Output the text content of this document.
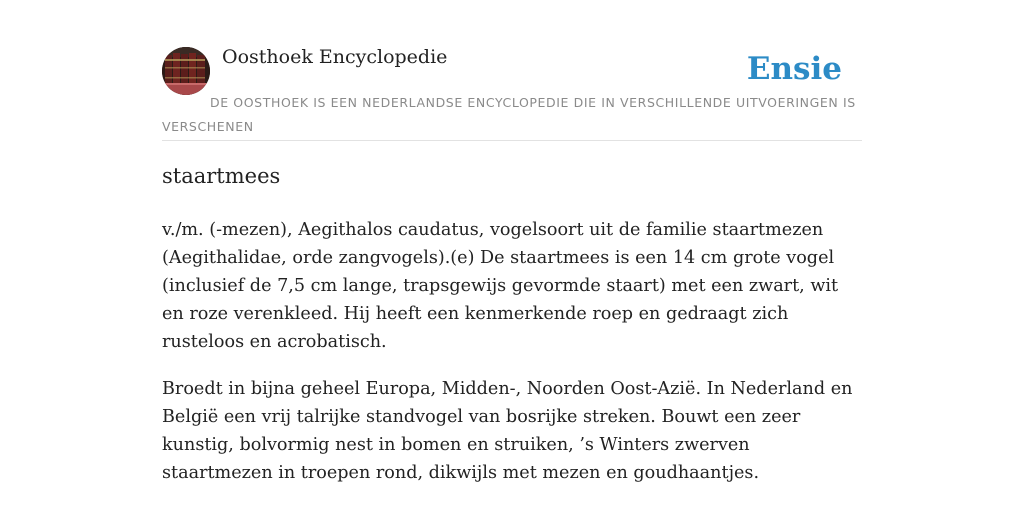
Oosthoek Encyclopedie	Ensie
DE OOSTHOEK IS EEN NEDERLANDSE ENCYCLOPEDIE DIE IN VERSCHILLENDE UITVOERINGEN IS VERSCHENEN
staartmees

v./m. (-mezen), Aegithalos caudatus, vogelsoort uit de familie staartmezen (Aegithalidae, orde zangvogels).(e) De staartmees is een 14 cm grote vogel (inclusief de 7,5 cm lange, trapsgewijs gevormde staart) met een zwart, wit en roze verenkleed. Hij heeft een kenmerkende roep en gedraagt zich rusteloos en acrobatisch.

Broedt in bijna geheel Europa, Midden-, Noorden Oost-Azië. In Nederland en België een vrij talrijke standvogel van bosrijke streken. Bouwt een zeer kunstig, bolvormig nest in bomen en struiken, ’s Winters zwerven staartmezen in troepen rond, dikwijls met mezen en goudhaantjes.
